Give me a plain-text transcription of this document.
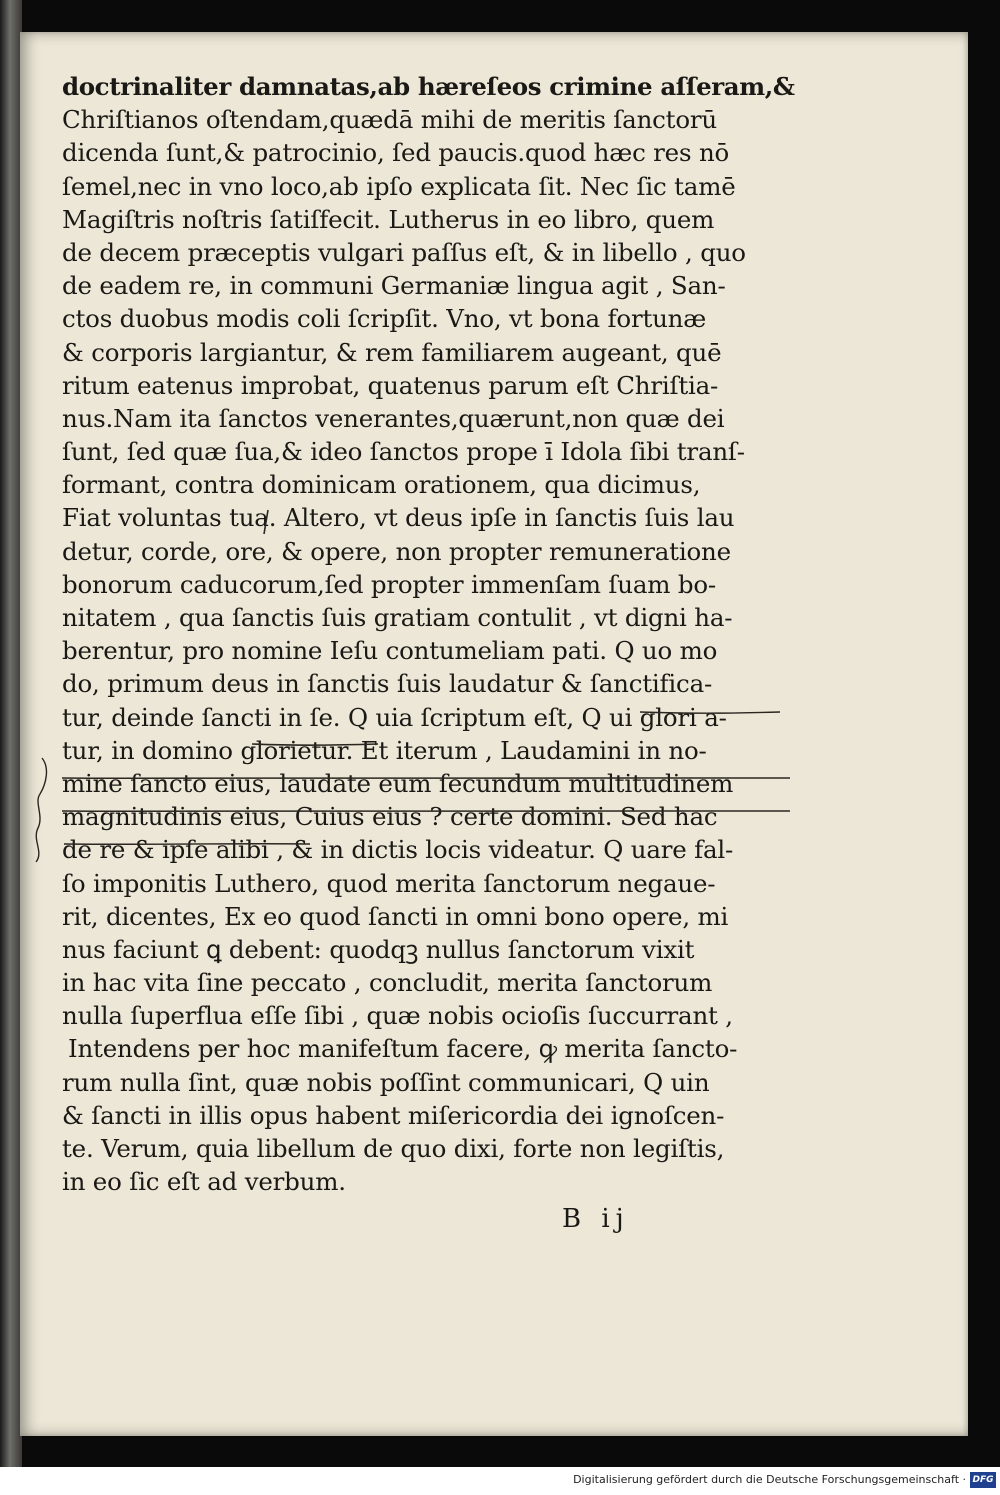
doctrinaliter damnatas,ab hæreſeos crimine aſſeram,&
Chriſtianos oſtendam,quædā mihi de meritis ſanctorū
dicenda ſunt,& patrocinio, ſed paucis.quod hæc res nō
ſemel,nec in vno loco,ab ipſo explicata ſit. Nec ſic tamē
Magiſtris noſtris ſatiſfecit. Lutherus in eo libro, quem
de decem præceptis vulgari paſſus eſt, & in libello , quo
de eadem re, in communi Germaniæ lingua agit , San-
ctos duobus modis coli ſcripſit. Vno, vt bona fortunæ
& corporis largiantur, & rem familiarem augeant, quē
ritum eatenus improbat, quatenus parum eſt Chriſtia-
nus.Nam ita ſanctos venerantes,quærunt,non quæ dei
ſunt, ſed quæ ſua,& ideo ſanctos prope ī Idola ſibi tranſ-
formant, contra dominicam orationem, qua dicimus,
Fiat voluntas tua. Altero, vt deus ipſe in ſanctis ſuis lau
detur, corde, ore, & opere, non propter remuneratione
bonorum caducorum,ſed propter immenſam ſuam bo-
nitatem , qua ſanctis ſuis gratiam contulit , vt digni ha-
berentur, pro nomine Ieſu contumeliam pati. Q uo mo
do, primum deus in ſanctis ſuis laudatur & ſanctifica-
tur, deinde ſancti in ſe. Q uia ſcriptum eſt, Q ui glori a-
tur, in domino glorietur. Et iterum , Laudamini in no-
mine ſancto eius, laudate eum ſecundum multitudinem
magnitudinis eius, Cuius eius ? certe domini. Sed hac
de re & ipſe alibi , & in dictis locis videatur. Q uare fal-
ſo imponitis Luthero, quod merita ſanctorum negaue-
rit, dicentes, Ex eo quod ſancti in omni bono opere, mi
nus faciunt ꝗ debent: quodqꝫ nullus ſanctorum vixit
in hac vita ſine peccato , concludit, merita ſanctorum
nulla ſuperflua eſſe ſibi , quæ nobis ocioſis ſuccurrant ,
Intendens per hoc manifeſtum facere, ꝙ merita ſancto-
rum nulla ſint, quæ nobis poſſint communicari, Q uin
& ſancti in illis opus habent miſericordia dei ignoſcen-
te. Verum, quia libellum de quo dixi, forte non legiſtis,
in eo ſic eſt ad verbum.
B ij
Digitalisierung gefördert durch die Deutsche Forschungsgemeinschaft · DFG
